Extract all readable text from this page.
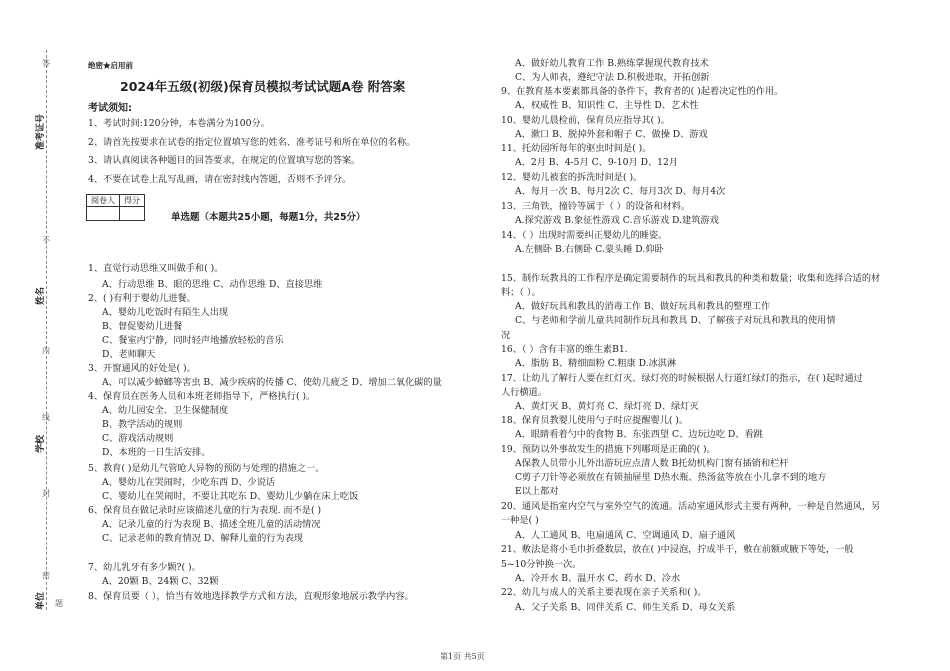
答
不
内
线
封
密
题
准考证号
姓名
学校
单位
绝密★启用前
2024年五级(初级)保育员模拟考试试题A卷 附答案
考试须知:
1、考试时间:120分钟，本卷满分为100分。
2、请首先按要求在试卷的指定位置填写您的姓名、准考证号和所在单位的名称。
3、请认真阅读各种题目的回答要求，在规定的位置填写您的答案。
4、不要在试卷上乱写乱画，请在密封线内答题，否则不予评分。
阅卷人	得分

单选题（本题共25小题，每题1分，共25分）
1、直觉行动思维又叫做手和( )。
A、行动思维 B、眼的思维 C、动作思维 D、直接思维
2、( )有利于婴幼儿进餐。
A、婴幼儿吃饭时有陌生人出现
B、督促婴幼儿进餐
C、餐室内宁静，同时轻声地播放轻松的音乐
D、老师聊天
3、开窗通风的好处是( )。
A、可以减少蟑螂等害虫 B、减少疾病的传播 C、使幼儿疲乏 D、增加二氧化碳的量
4、保育员在医务人员和本班老师指导下，严格执行( )。
A、幼儿园安全、卫生保健制度
B、教学活动的规则
C、游戏活动规则
D、本班的一日生活安排。
5、教育( )是幼儿气管呛人异物的预防与处理的措施之一。
A、婴幼儿在哭闹时，少吃东西 D、少说话
C、婴幼儿在哭闹时，不要让其吃东 D、婴幼儿少躺在床上吃饭
6、保育员在做记录时应该描述儿童的行为表现. 而不是( )
A、记录儿童的行为表现 B、描述全班儿童的活动情况
C、记录老师的教育情况 D、解释儿童的行为表现
7、幼儿乳牙有多少颗?( )。
A、20颗 B、24颗 C、32颗
8、保育员要（ ），恰当有效地选择教学方式和方法，直观形象地展示教学内容。
A、做好幼儿教育工作 B.熟练掌握现代教育技术
C、为人师表，遵纪守法 D.积极进取，开拓创新
9、在教育基本要素都具备的条件下，教育者的( )起着决定性的作用。
A、权威性 B、知识性 C、主导性 D、艺术性
10、婴幼儿晨检前，保育员应指导其( )。
A、漱口 B、脱掉外套和帽子 C、做操 D、游戏
11、托幼园所每年的驱虫时间是( )。
A、2月 B、4-5月 C、9-10月 D、12月
12、婴幼儿被套的拆洗时间是( )。
A、每月一次 B、每月2次 C、每月3次 D、每月4次
13、三角铁，撞铃等属于（ ）的设备和材料。
A.探究游戏 B.象征性游戏 C.音乐游戏 D.建筑游戏
14、（ ）出现时需要纠正婴幼儿的睡姿。
A.左侧卧 B.右侧卧 C.蒙头睡 D.仰卧
15、制作玩教具的工作程序是确定需要制作的玩具和教具的种类和数量；收集和选择合适的材
料；（ ）。
A、做好玩具和教具的消毒工作 B、做好玩具和教具的整理工作
C、与老师和学前儿童共同制作玩具和教具 D、了解孩子对玩具和教具的使用情
况
16、（ ）含有丰富的维生素B1.
A、脂肪 B、精细面粉 C.粗康 D.冰淇淋
17、让幼儿了解行人要在红灯灭、绿灯亮的时候根据人行道红绿灯的指示，在( )起时通过
人行横道。
A、黄灯灭 B、黄灯亮 C、绿灯亮 D、绿灯灭
18、保育员教婴儿使用勺子时应提醒婴儿( )。
A、眼睛看着勺中的食物 B、东张西望 C、边玩边吃 D、看跳
19、预防以外事故发生的措施下列哪项是正确的( )。
A保教人员带小儿外出游玩应点清人数 B托幼机构门窗有插销和栏杆
C剪子刀针等必须放在有锁抽屉里 D热水瓶、热汤盆等放在小儿拿不到的地方
E以上都对
20、通风是指室内空气与室外空气的流通。活动室通风形式主要有两种，一种是自然通风，另
一种是( )
A、人工通风 B、电扇通风 C、空调通风 D、扇子通风
21、敷法是将小毛巾折叠数层，放在( )中浸泡，拧成半干，敷在前额或腋下等处，一般
5~10分钟换一次。
A、冷开水 B、温开水 C、药水 D、冷水
22、幼儿与成人的关系主要表现在亲子关系和( )。
A、父子关系 B、同伴关系 C、师生关系 D、母女关系
第1页 共5页
